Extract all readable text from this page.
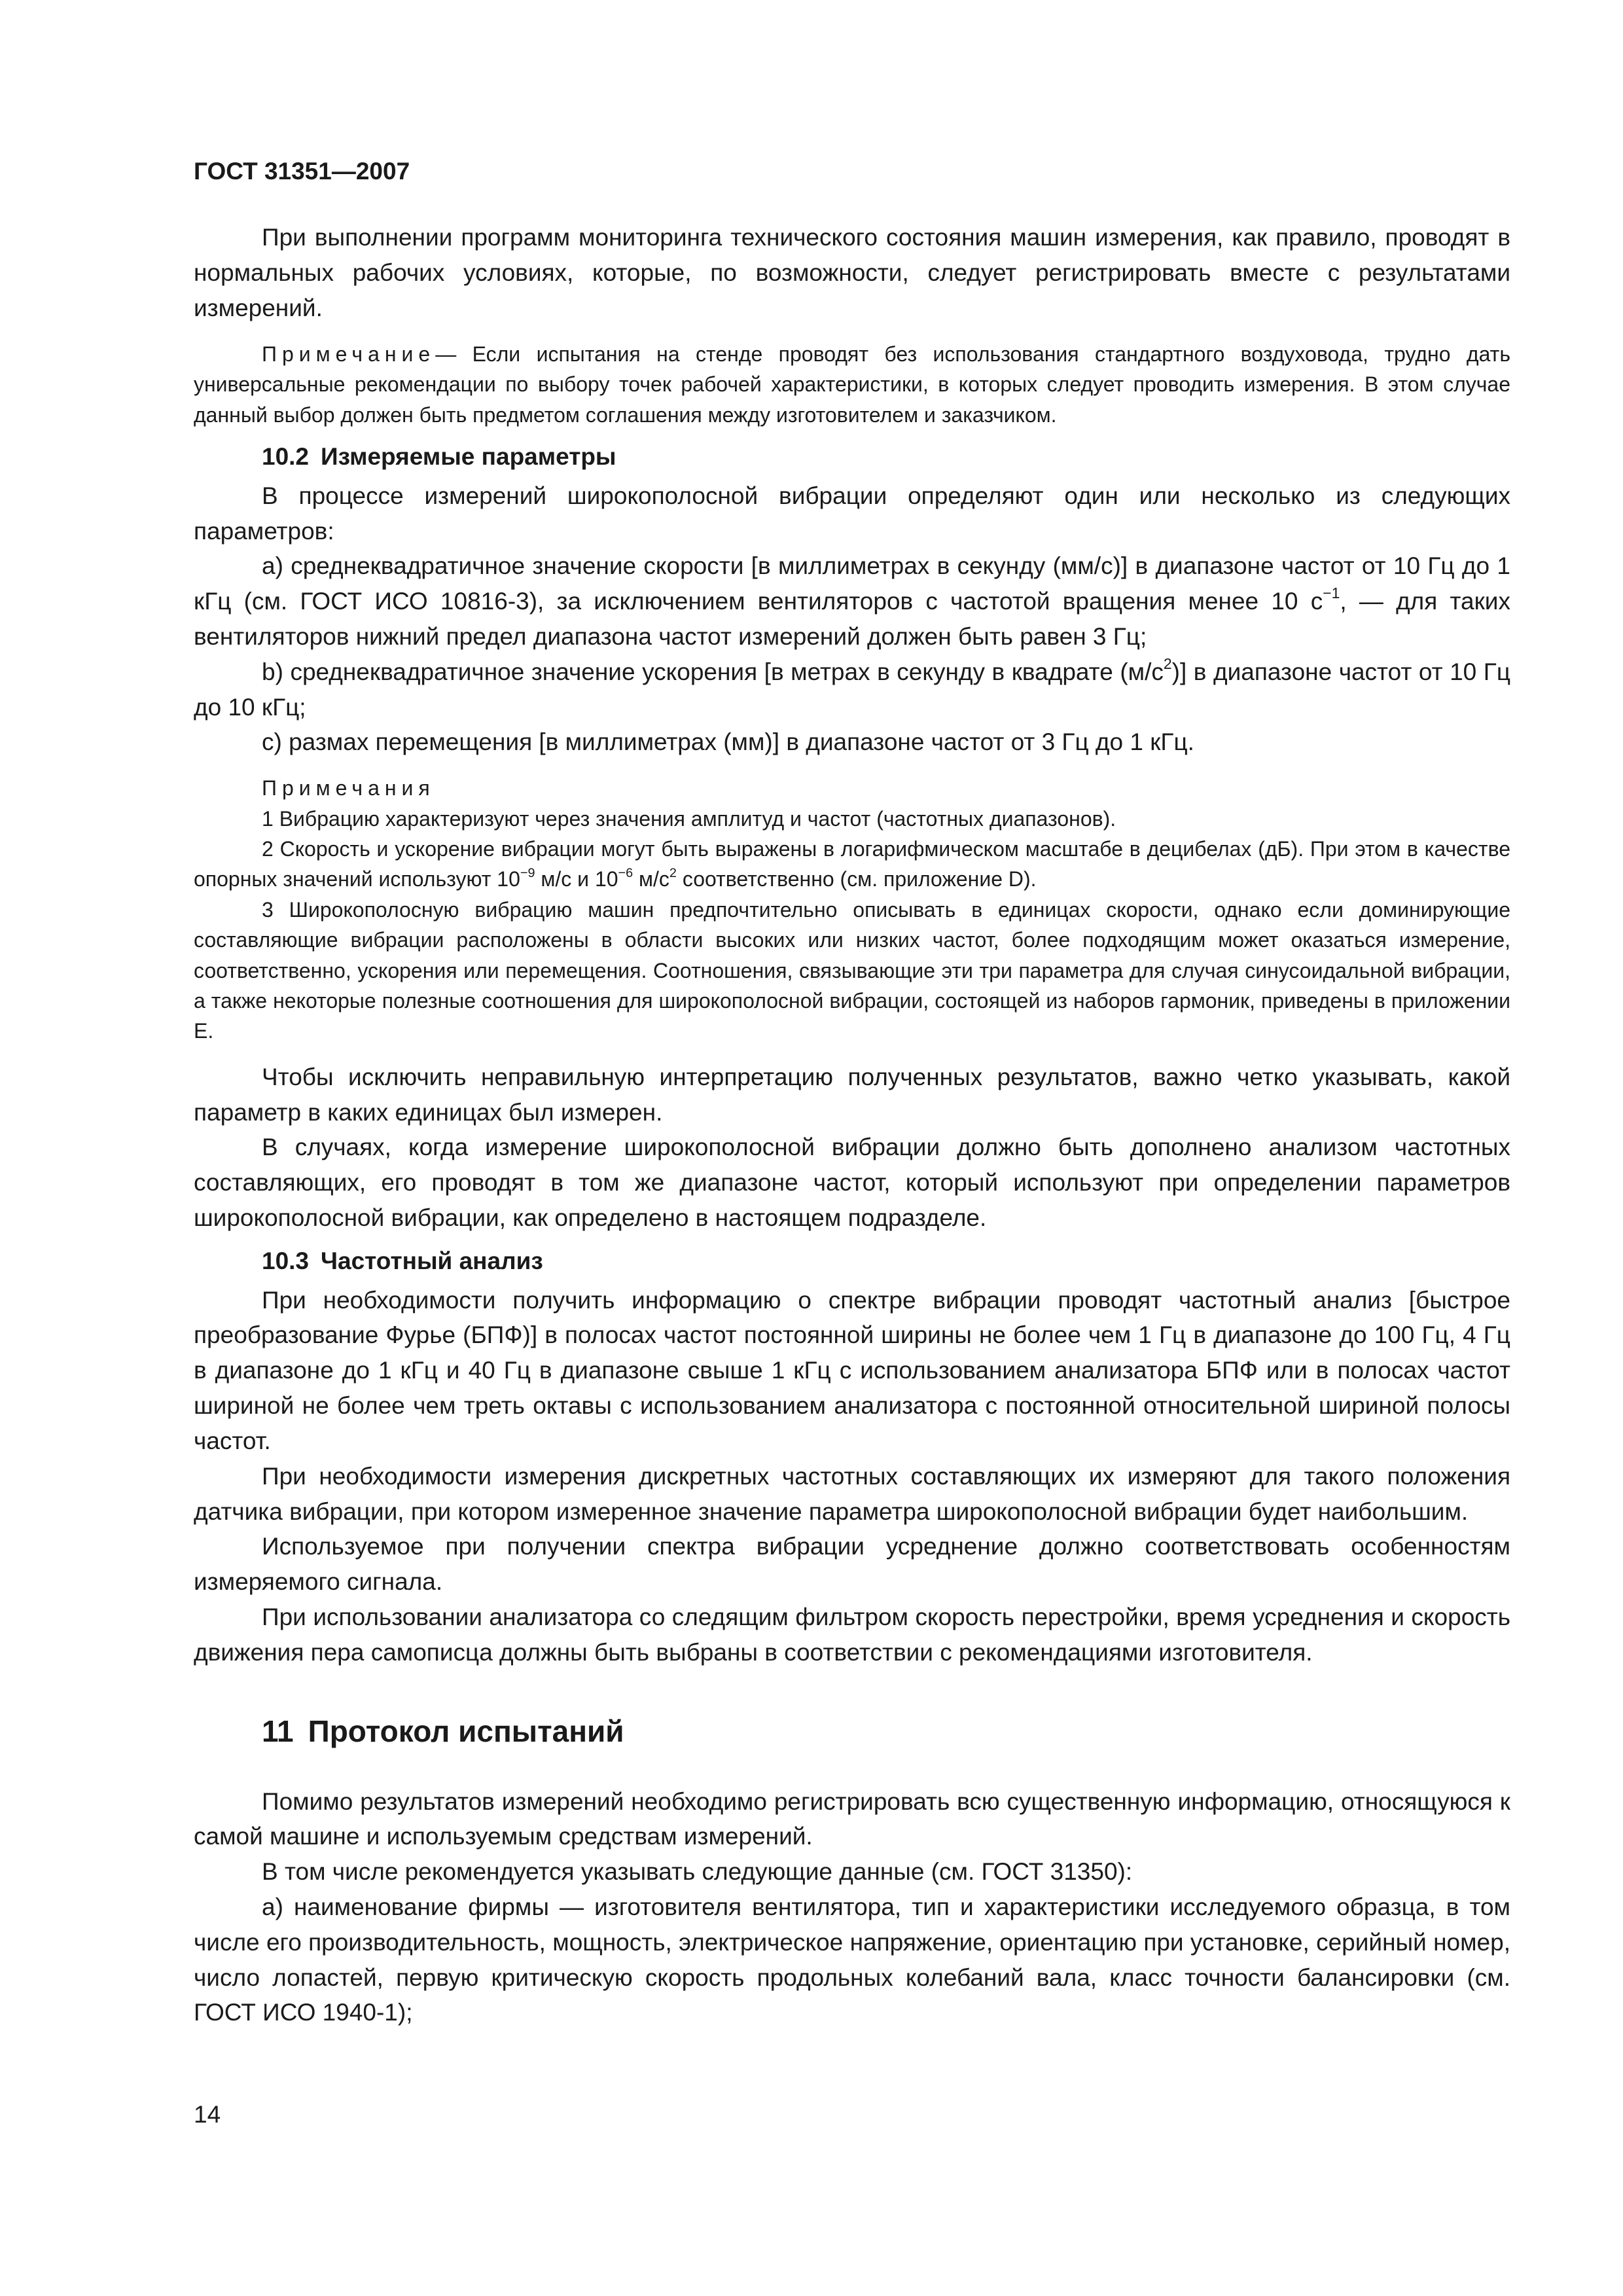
ГОСТ 31351—2007

При выполнении программ мониторинга технического состояния машин измерения, как правило, проводят в нормальных рабочих условиях, которые, по возможности, следует регистрировать вместе с результатами измерений.

Примечание— Если испытания на стенде проводят без использования стандартного воздуховода, трудно дать универсальные рекомендации по выбору точек рабочей характеристики, в которых следует проводить измерения. В этом случае данный выбор должен быть предметом соглашения между изготовителем и заказчиком.

10.2 Измеряемые параметры

В процессе измерений широкополосной вибрации определяют один или несколько из следующих параметров:

a) среднеквадратичное значение скорости [в миллиметрах в секунду (мм/с)] в диапазоне частот от 10 Гц до 1 кГц (см. ГОСТ ИСО 10816-3), за исключением вентиляторов с частотой вращения менее 10 $с^{-1}$, — для таких вентиляторов нижний предел диапазона частот измерений должен быть равен 3 Гц;

b) среднеквадратичное значение ускорения [в метрах в секунду в квадрате $(м/с^2)$] в диапазоне частот от 10 Гц до 10 кГц;

c) размах перемещения [в миллиметрах (мм)] в диапазоне частот от 3 Гц до 1 кГц.

Примечания

1 Вибрацию характеризуют через значения амплитуд и частот (частотных диапазонов).

2 Скорость и ускорение вибрации могут быть выражены в логарифмическом масштабе в децибелах (дБ). При этом в качестве опорных значений используют $10^{-9}$ м/с и $10^{-6}$ $м/с^2$ соответственно (см. приложение D).

3 Широкополосную вибрацию машин предпочтительно описывать в единицах скорости, однако если доминирующие составляющие вибрации расположены в области высоких или низких частот, более подходящим может оказаться измерение, соответственно, ускорения или перемещения. Соотношения, связывающие эти три параметра для случая синусоидальной вибрации, а также некоторые полезные соотношения для широкополосной вибрации, состоящей из наборов гармоник, приведены в приложении Е.

Чтобы исключить неправильную интерпретацию полученных результатов, важно четко указывать, какой параметр в каких единицах был измерен.

В случаях, когда измерение широкополосной вибрации должно быть дополнено анализом частотных составляющих, его проводят в том же диапазоне частот, который используют при определении параметров широкополосной вибрации, как определено в настоящем подразделе.

10.3 Частотный анализ

При необходимости получить информацию о спектре вибрации проводят частотный анализ [быстрое преобразование Фурье (БПФ)] в полосах частот постоянной ширины не более чем 1 Гц в диапазоне до 100 Гц, 4 Гц в диапазоне до 1 кГц и 40 Гц в диапазоне свыше 1 кГц с использованием анализатора БПФ или в полосах частот шириной не более чем треть октавы с использованием анализатора с постоянной относительной шириной полосы частот.

При необходимости измерения дискретных частотных составляющих их измеряют для такого положения датчика вибрации, при котором измеренное значение параметра широкополосной вибрации будет наибольшим.

Используемое при получении спектра вибрации усреднение должно соответствовать особенностям измеряемого сигнала.

При использовании анализатора со следящим фильтром скорость перестройки, время усреднения и скорость движения пера самописца должны быть выбраны в соответствии с рекомендациями изготовителя.

11 Протокол испытаний

Помимо результатов измерений необходимо регистрировать всю существенную информацию, относящуюся к самой машине и используемым средствам измерений.

В том числе рекомендуется указывать следующие данные (см. ГОСТ 31350):

a) наименование фирмы — изготовителя вентилятора, тип и характеристики исследуемого образца, в том числе его производительность, мощность, электрическое напряжение, ориентацию при установке, серийный номер, число лопастей, первую критическую скорость продольных колебаний вала, класс точности балансировки (см. ГОСТ ИСО 1940-1);

14
